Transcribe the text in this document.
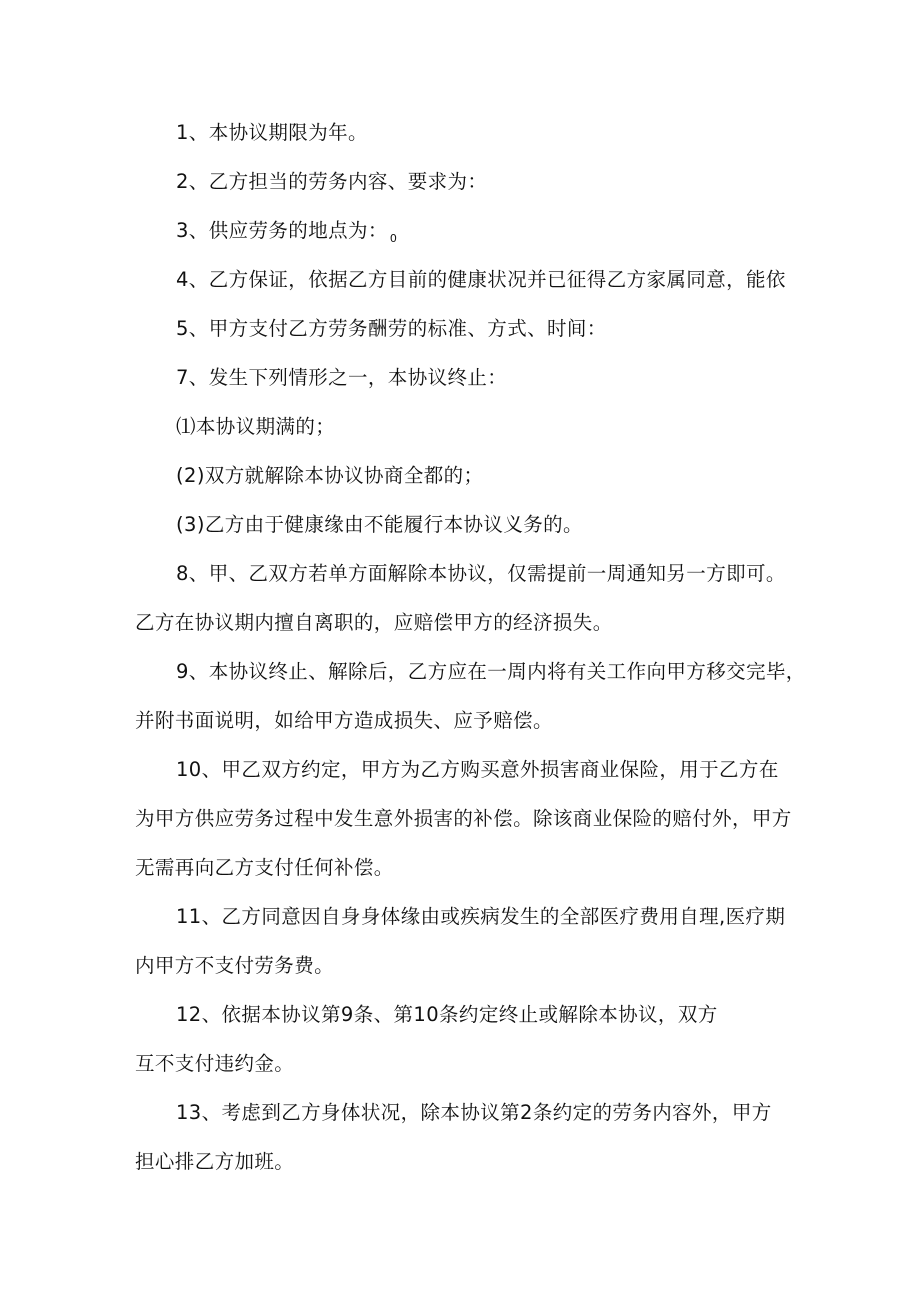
1、本协议期限为年。
2、乙方担当的劳务内容、要求为：
3、供应劳务的地点为： $_0$
4、乙方保证，依据乙方目前的健康状况并已征得乙方家属同意，能依
5、甲方支付乙方劳务酬劳的标准、方式、时间：
7、发生下列情形之一，本协议终止：
⑴本协议期满的；
(2)双方就解除本协议协商全都的；
(3)乙方由于健康缘由不能履行本协议义务的。
8、甲、乙双方若单方面解除本协议，仅需提前一周通知另一方即可。
乙方在协议期内擅自离职的，应赔偿甲方的经济损失。
9、本协议终止、解除后，乙方应在一周内将有关工作向甲方移交完毕，
并附书面说明，如给甲方造成损失、应予赔偿。
10、甲乙双方约定，甲方为乙方购买意外损害商业保险，用于乙方在
为甲方供应劳务过程中发生意外损害的补偿。除该商业保险的赔付外，甲方
无需再向乙方支付任何补偿。
11、乙方同意因自身身体缘由或疾病发生的全部医疗费用自理,医疗期
内甲方不支付劳务费。
12、依据本协议第9条、第10条约定终止或解除本协议，双方
互不支付违约金。
13、考虑到乙方身体状况，除本协议第2条约定的劳务内容外，甲方
担心排乙方加班。
